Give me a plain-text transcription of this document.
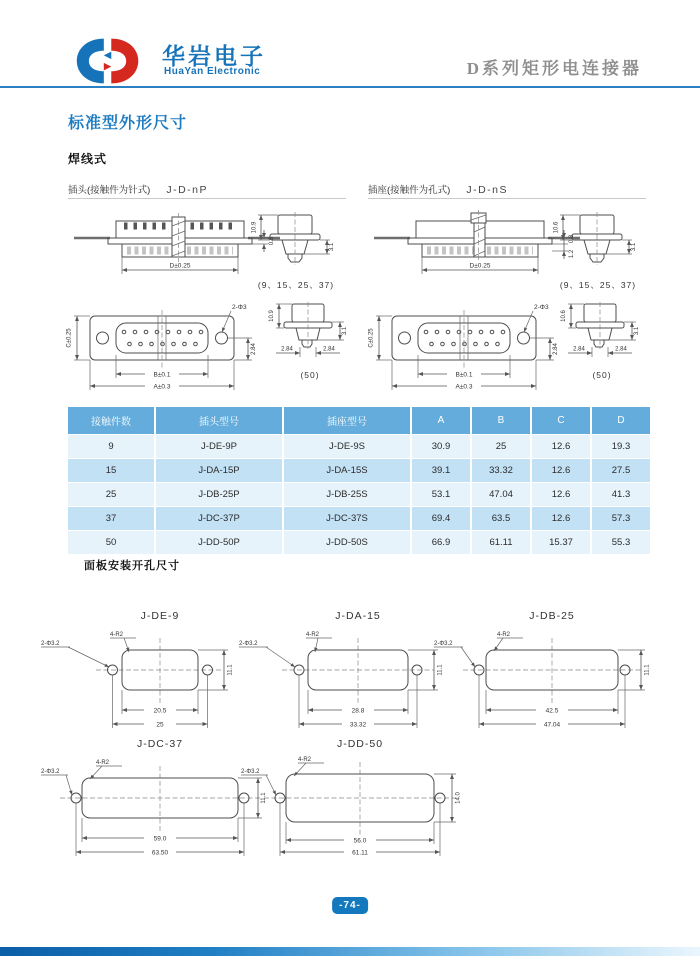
华岩电子
HuaYan Electronic	D系列矩形电连接器
标准型外形尺寸
焊线式
插头(接触件为针式) J-D-nP	插座(接触件为孔式) J-D-nS
D±0.25
0.8
10.9
3.1
(9、15、25、37)
D±0.25
0.8
1.2
10.6
3.1
(9、15、25、37)
C±0.25
2-Φ3
B±0.1
A±0.3
2.84
10.9
3.1
2.84	2.84
(50)
C±0.25
2-Φ3
B±0.1
A±0.3
2.84
10.6
3.1
2.84	2.84
(50)
接触件数	插头型号	插座型号	A	B	C	D
9	J-DE-9P	J-DE-9S	30.9	25	12.6	19.3
15	J-DA-15P	J-DA-15S	39.1	33.32	12.6	27.5
25	J-DB-25P	J-DB-25S	53.1	47.04	12.6	41.3
37	J-DC-37P	J-DC-37S	69.4	63.5	12.6	57.3
50	J-DD-50P	J-DD-50S	66.9	61.11	15.37	55.3
面板安装开孔尺寸
J-DE-9	J-DA-15	J-DB-25
J-DC-37	J-DD-50
4-R2
2-Φ3.2
11.1
20.5
25
4-R2
2-Φ3.2
11.1
28.8
33.32
4-R2
2-Φ3.2
11.1
42.5
47.04
4-R2
2-Φ3.2
11.1
59.0
63.50
4-R2
2-Φ3.2
14.0
56.0
61.11
-74-
